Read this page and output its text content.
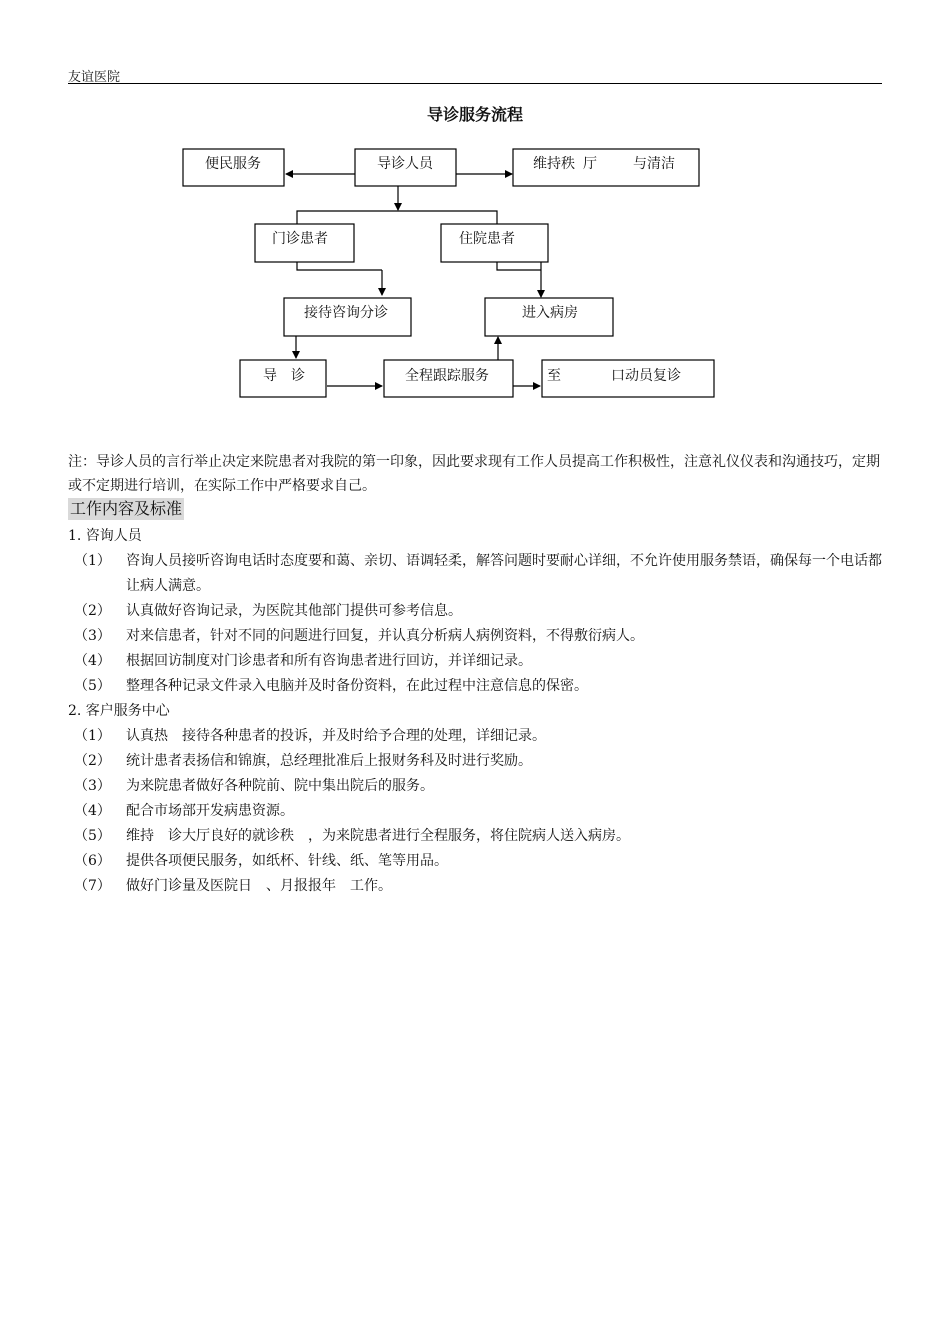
友谊医院
导诊服务流程
便民服务	导诊人员	维持秩 厅	与清洁
门诊患者	住院患者
接待咨询分诊	进入病房
导　诊	全程跟踪服务	至	口动员复诊
注：导诊人员的言行举止决定来院患者对我院的第一印象，因此要求现有工作人员提高工作积极性，注意礼仪仪表和沟通技巧，定期或不定期进行培训，在实际工作中严格要求自己。
工作内容及标准
1. 咨询人员
（1） 咨询人员接听咨询电话时态度要和蔼、亲切、语调轻柔，解答问题时要耐心详细，不允许使用服务禁语，确保每一个电话都让病人满意。
（2） 认真做好咨询记录，为医院其他部门提供可参考信息。
（3） 对来信患者，针对不同的问题进行回复，并认真分析病人病例资料，不得敷衍病人。
（4） 根据回访制度对门诊患者和所有咨询患者进行回访，并详细记录。
（5） 整理各种记录文件录入电脑并及时备份资料，在此过程中注意信息的保密。
2. 客户服务中心
（1） 认真热　接待各种患者的投诉，并及时给予合理的处理，详细记录。
（2） 统计患者表扬信和锦旗，总经理批准后上报财务科及时进行奖励。
（3） 为来院患者做好各种院前、院中集出院后的服务。
（4） 配合市场部开发病患资源。
（5） 维持　诊大厅良好的就诊秩　，为来院患者进行全程服务，将住院病人送入病房。
（6） 提供各项便民服务，如纸杯、针线、纸、笔等用品。
（7） 做好门诊量及医院日　、月报报年　工作。
